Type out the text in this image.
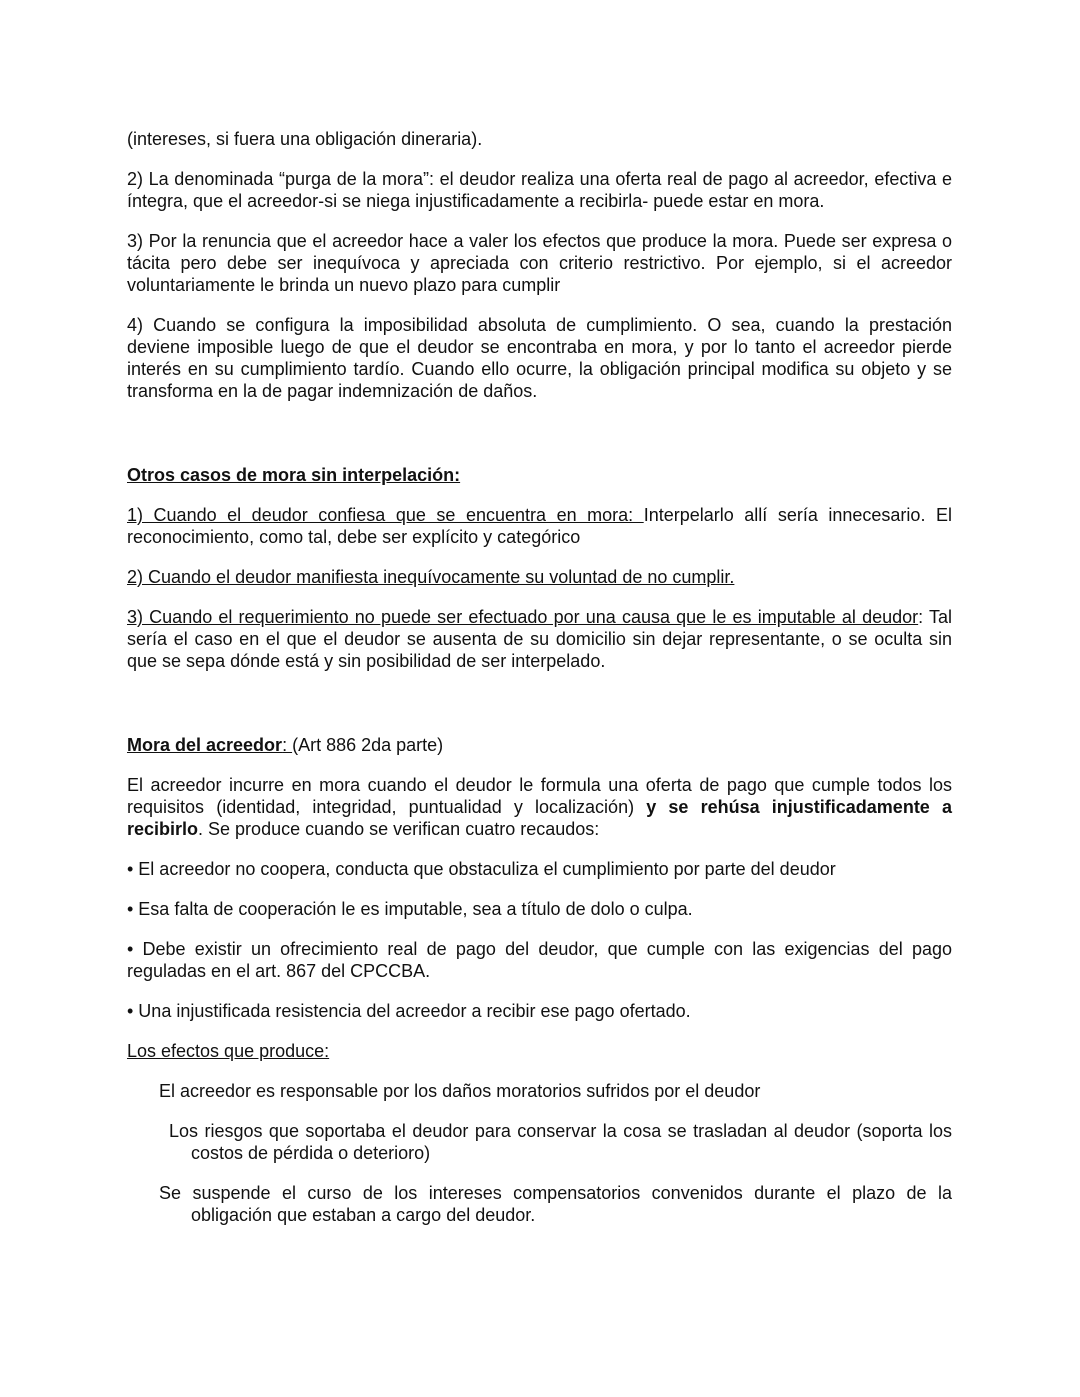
(intereses, si fuera una obligación dineraria).

2) La denominada “purga de la mora”: el deudor realiza una oferta real de pago al acreedor, efectiva e íntegra, que el acreedor-si se niega injustificadamente a recibirla- puede estar en mora.

3) Por la renuncia que el acreedor hace a valer los efectos que produce la mora. Puede ser expresa o tácita pero debe ser inequívoca y apreciada con criterio restrictivo. Por ejemplo, si el acreedor voluntariamente le brinda un nuevo plazo para cumplir

4) Cuando se configura la imposibilidad absoluta de cumplimiento. O sea, cuando la prestación deviene imposible luego de que el deudor se encontraba en mora, y por lo tanto el acreedor pierde interés en su cumplimiento tardío. Cuando ello ocurre, la obligación principal modifica su objeto y se transforma en la de pagar indemnización de daños.

Otros casos de mora sin interpelación:

1) Cuando el deudor confiesa que se encuentra en mora: Interpelarlo allí sería innecesario. El reconocimiento, como tal, debe ser explícito y categórico

2) Cuando el deudor manifiesta inequívocamente su voluntad de no cumplir.

3) Cuando el requerimiento no puede ser efectuado por una causa que le es imputable al deudor: Tal sería el caso en el que el deudor se ausenta de su domicilio sin dejar representante, o se oculta sin que se sepa dónde está y sin posibilidad de ser interpelado.

Mora del acreedor: (Art 886 2da parte)

El acreedor incurre en mora cuando el deudor le formula una oferta de pago que cumple todos los requisitos (identidad, integridad, puntualidad y localización) y se rehúsa injustificadamente a recibirlo. Se produce cuando se verifican cuatro recaudos:

• El acreedor no coopera, conducta que obstaculiza el cumplimiento por parte del deudor

• Esa falta de cooperación le es imputable, sea a título de dolo o culpa.

• Debe existir un ofrecimiento real de pago del deudor, que cumple con las exigencias del pago reguladas en el art. 867 del CPCCBA.

• Una injustificada resistencia del acreedor a recibir ese pago ofertado.

Los efectos que produce:

El acreedor es responsable por los daños moratorios sufridos por el deudor

Los riesgos que soportaba el deudor para conservar la cosa se trasladan al deudor (soporta los costos de pérdida o deterioro)

Se suspende el curso de los intereses compensatorios convenidos durante el plazo de la obligación que estaban a cargo del deudor.
